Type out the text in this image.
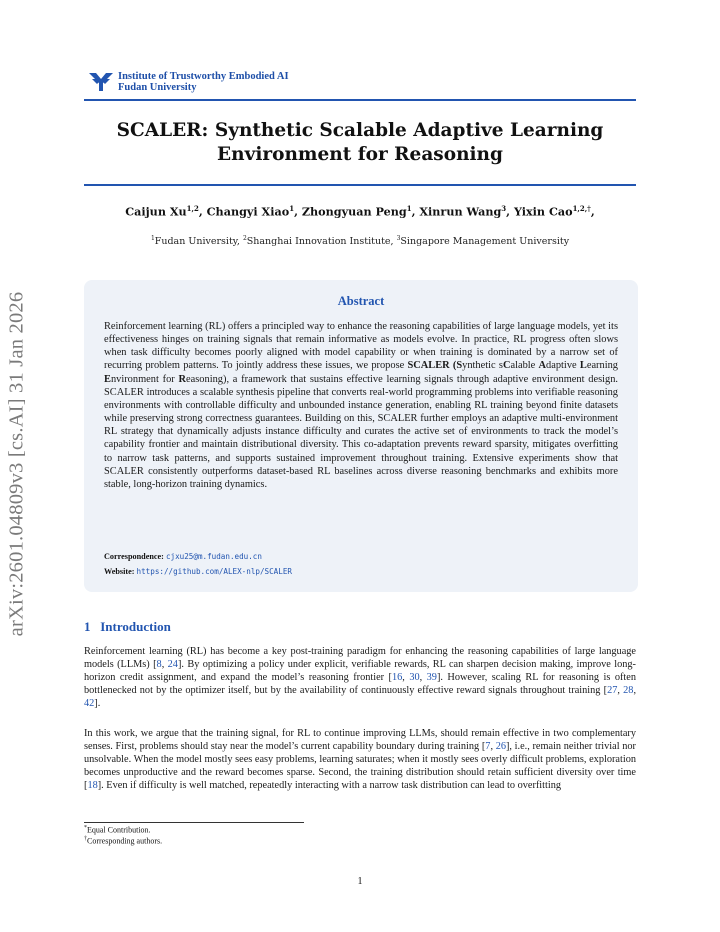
arXiv:2601.04809v3 [cs.AI] 31 Jan 2026
Institute of Trustworthy Embodied AI
Fudan University
SCALER: Synthetic Scalable Adaptive Learning
Environment for Reasoning
Caijun Xu$^{1,2}$, Changyi Xiao$^1$, Zhongyuan Peng$^1$, Xinrun Wang$^3$, Yixin Cao$^{1,2,\dagger}$,
$^1$Fudan University, $^2$Shanghai Innovation Institute, $^3$Singapore Management University
Abstract
Reinforcement learning (RL) offers a principled way to enhance the reasoning capabilities of large language models, yet its effectiveness hinges on training signals that remain informative as models evolve. In practice, RL progress often slows when task difficulty becomes poorly aligned with model capability or when training is dominated by a narrow set of recurring problem patterns. To jointly address these issues, we propose SCALER (Synthetic sCalable Adaptive Learning Environment for Reasoning), a framework that sustains effective learning signals through adaptive environment design. SCALER introduces a scalable synthesis pipeline that converts real-world programming problems into verifiable reasoning environments with controllable difficulty and unbounded instance generation, enabling RL training beyond finite datasets while preserving strong correctness guarantees. Building on this, SCALER further employs an adaptive multi-environment RL strategy that dynamically adjusts instance difficulty and curates the active set of environments to track the model’s capability frontier and maintain distributional diversity. This co-adaptation prevents reward sparsity, mitigates overfitting to narrow task patterns, and supports sustained improvement throughout training. Extensive experiments show that SCALER consistently outperforms dataset-based RL baselines across diverse reasoning benchmarks and exhibits more stable, long-horizon training dynamics.
Correspondence: cjxu25@m.fudan.edu.cn
Website: https://github.com/ALEX-nlp/SCALER
1 Introduction
Reinforcement learning (RL) has become a key post-training paradigm for enhancing the reasoning capabilities of large language models (LLMs) [8, 24]. By optimizing a policy under explicit, verifiable rewards, RL can sharpen decision making, improve long-horizon credit assignment, and expand the model’s reasoning frontier [16, 30, 39]. However, scaling RL for reasoning is often bottlenecked not by the optimizer itself, but by the availability of continuously effective reward signals throughout training [27, 28, 42].
In this work, we argue that the training signal, for RL to continue improving LLMs, should remain effective in two complementary senses. First, problems should stay near the model’s current capability boundary during training [7, 26], i.e., remain neither trivial nor unsolvable. When the model mostly sees easy problems, learning saturates; when it mostly sees overly difficult problems, exploration becomes unproductive and the reward becomes sparse. Second, the training distribution should retain sufficient diversity over time [18]. Even if difficulty is well matched, repeatedly interacting with a narrow task distribution can lead to overfitting
*Equal Contribution.
†Corresponding authors.
1
